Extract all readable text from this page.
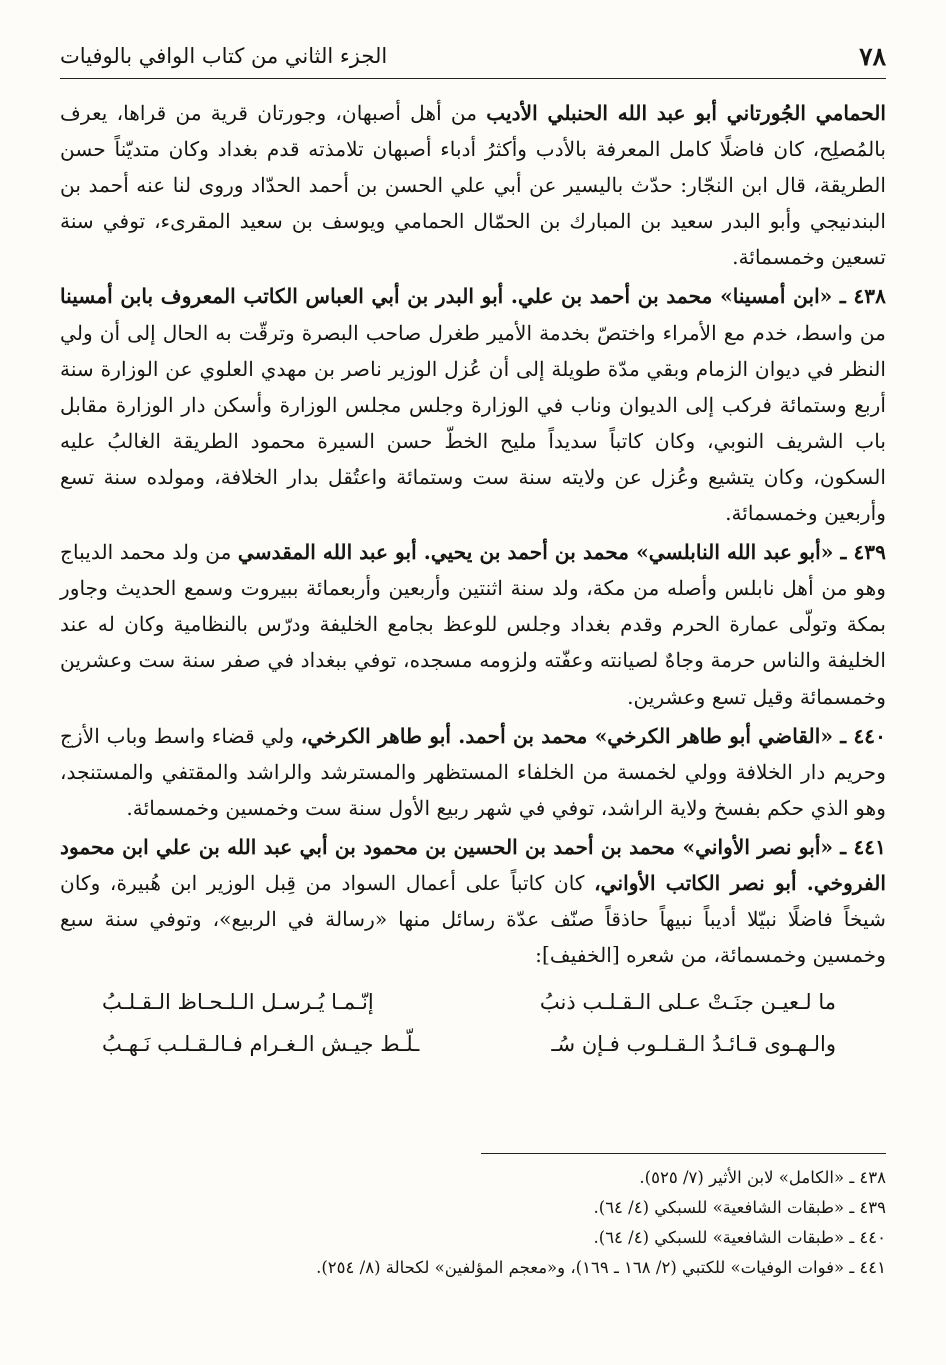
٧٨
الجزء الثاني من كتاب الوافي بالوفيات

الحمامي الجُورتاني أبو عبد الله الحنبلي الأديب من أهل أصبهان، وجورتان قرية من قراها، يعرف بالمُصلِح، كان فاضلًا كامل المعرفة بالأدب وأكثرُ أدباء أصبهان تلامذته قدم بغداد وكان متديّناً حسن الطريقة، قال ابن النجّار: حدّث باليسير عن أبي علي الحسن بن أحمد الحدّاد وروى لنا عنه أحمد بن البندنيجي وأبو البدر سعيد بن المبارك بن الحمّال الحمامي ويوسف بن سعيد المقرىء، توفي سنة تسعين وخمسمائة.

٤٣٨ ـ «ابن أمسينا» محمد بن أحمد بن علي. أبو البدر بن أبي العباس الكاتب المعروف بابن أمسينا من واسط، خدم مع الأمراء واختصّ بخدمة الأمير طغرل صاحب البصرة وترقّت به الحال إلى أن ولي النظر في ديوان الزمام وبقي مدّة طويلة إلى أن عُزل الوزير ناصر بن مهدي العلوي عن الوزارة سنة أربع وستمائة فركب إلى الديوان وناب في الوزارة وجلس مجلس الوزارة وأسكن دار الوزارة مقابل باب الشريف النوبي، وكان كاتباً سديداً مليح الخطّ حسن السيرة محمود الطريقة الغالبُ عليه السكون، وكان يتشيع وعُزل عن ولايته سنة ست وستمائة واعتُقل بدار الخلافة، ومولده سنة تسع وأربعين وخمسمائة.

٤٣٩ ـ «أبو عبد الله النابلسي» محمد بن أحمد بن يحيي. أبو عبد الله المقدسي من ولد محمد الديباج وهو من أهل نابلس وأصله من مكة، ولد سنة اثنتين وأربعين وأربعمائة ببيروت وسمع الحديث وجاور بمكة وتولّى عمارة الحرم وقدم بغداد وجلس للوعظ بجامع الخليفة ودرّس بالنظامية وكان له عند الخليفة والناس حرمة وجاهٌ لصيانته وعفّته ولزومه مسجده، توفي ببغداد في صفر سنة ست وعشرين وخمسمائة وقيل تسع وعشرين.

٤٤٠ ـ «القاضي أبو طاهر الكرخي» محمد بن أحمد. أبو طاهر الكرخي، ولي قضاء واسط وباب الأزج وحريم دار الخلافة وولي لخمسة من الخلفاء المستظهر والمسترشد والراشد والمقتفي والمستنجد، وهو الذي حكم بفسخ ولاية الراشد، توفي في شهر ربيع الأول سنة ست وخمسين وخمسمائة.

٤٤١ ـ «أبو نصر الأواني» محمد بن أحمد بن الحسين بن محمود بن أبي عبد الله بن علي ابن محمود الفروخي. أبو نصر الكاتب الأواني، كان كاتباً على أعمال السواد من قِبل الوزير ابن هُبيرة، وكان شيخاً فاضلًا نبيّلا أديباً نبيهاً حاذقاً صنّف عدّة رسائل منها «رسالة في الربيع»، وتوفي سنة سبع وخمسين وخمسمائة، من شعره [الخفيف]:

ما لـعيـن جنَـتْ عـلى الـقـلـب ذنبُ
إنّـمـا يُـرسـل الـلـحـاظ الـقـلـبُ
والـهـوى قـائـدُ الـقـلـوب فـإن سُـ
ـلّـط جيـش الـغـرام فـالـقـلـب نَـهـبُ
٤٣٨ ـ «الكامل» لابن الأثير (٧/ ٥٢٥).
٤٣٩ ـ «طبقات الشافعية» للسبكي (٤/ ٦٤).
٤٤٠ ـ «طبقات الشافعية» للسبكي (٤/ ٦٤).
٤٤١ ـ «فوات الوفيات» للكتبي (٢/ ١٦٨ ـ ١٦٩)، و«معجم المؤلفين» لكحالة (٨/ ٢٥٤).
